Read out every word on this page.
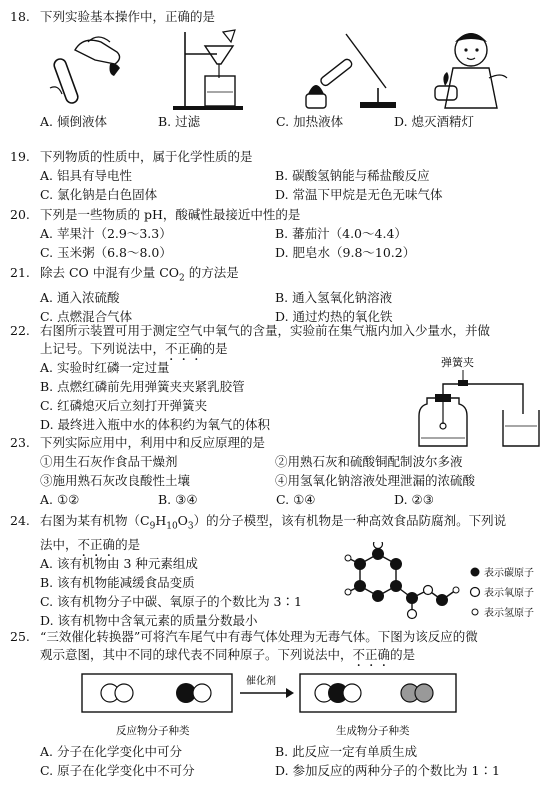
18. 下列实验基本操作中，正确的是
A. 倾倒液体	B. 过滤	C. 加热液体	D. 熄灭酒精灯
19. 下列物质的性质中，属于化学性质的是
A. 铝具有导电性	B. 碳酸氢钠能与稀盐酸反应
C. 氯化钠是白色固体	D. 常温下甲烷是无色无味气体
20. 下列是一些物质的 pH，酸碱性最接近中性的是
A. 苹果汁（2.9～3.3）	B. 蕃茄汁（4.0～4.4）
C. 玉米粥（6.8～8.0）	D. 肥皂水（9.8～10.2）
21. 除去 CO 中混有少量 $CO_2$ 的方法是
A. 通入浓硫酸	B. 通入氢氧化钠溶液
C. 点燃混合气体	D. 通过灼热的氧化铁
22. 右图所示装置可用于测定空气中氧气的含量，实验前在集气瓶内加入少量水，并做
上记号。下列说法中，不正确的是
A. 实验时红磷一定过量
B. 点燃红磷前先用弹簧夹夹紧乳胶管
C. 红磷熄灭后立刻打开弹簧夹
D. 最终进入瓶中水的体积约为氧气的体积
弹簧夹
23. 下列实际应用中，利用中和反应原理的是
①用生石灰作食品干燥剂	②用熟石灰和硫酸铜配制波尔多液
③施用熟石灰改良酸性土壤	④用氢氧化钠溶液处理泄漏的浓硫酸
A. ①②	B. ③④	C. ①④	D. ②③
24. 右图为某有机物$(C_9H_{10}O_3)$的分子模型，该有机物是一种高效食品防腐剂。下列说
法中，不正确的是
A. 该有机物由 3 种元素组成
B. 该有机物能减缓食品变质
C. 该有机物分子中碳、氧原子的个数比为 3∶1
D. 该有机物中含氧元素的质量分数最小
表示碳原子
表示氧原子
表示氢原子
25. “三效催化转换器”可将汽车尾气中有毒气体处理为无毒气体。下图为该反应的微
观示意图，其中不同的球代表不同种原子。下列说法中，不正确的是
催化剂
反应物分子种类	生成物分子种类
A. 分子在化学变化中可分	B. 此反应一定有单质生成
C. 原子在化学变化中不可分	D. 参加反应的两种分子的个数比为 1∶1
